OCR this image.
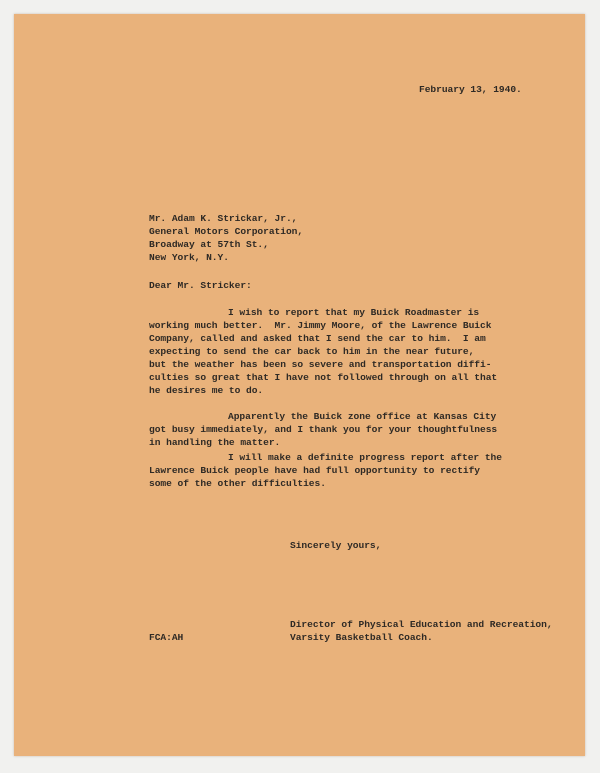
February 13, 1940.
Mr. Adam K. Strickar, Jr.,
General Motors Corporation,
Broadway at 57th St.,
New York, N.Y.
Dear Mr. Stricker:
I wish to report that my Buick Roadmaster is
working much better.  Mr. Jimmy Moore, of the Lawrence Buick
Company, called and asked that I send the car to him.  I am
expecting to send the car back to him in the near future,
but the weather has been so severe and transportation diffi-
culties so great that I have not followed through on all that
he desires me to do.
Apparently the Buick zone office at Kansas City
got busy immediately, and I thank you for your thoughtfulness
in handling the matter.
I will make a definite progress report after the
Lawrence Buick people have had full opportunity to rectify
some of the other difficulties.
Sincerely yours,
Director of Physical Education and Recreation,
Varsity Basketball Coach.
FCA:AH
